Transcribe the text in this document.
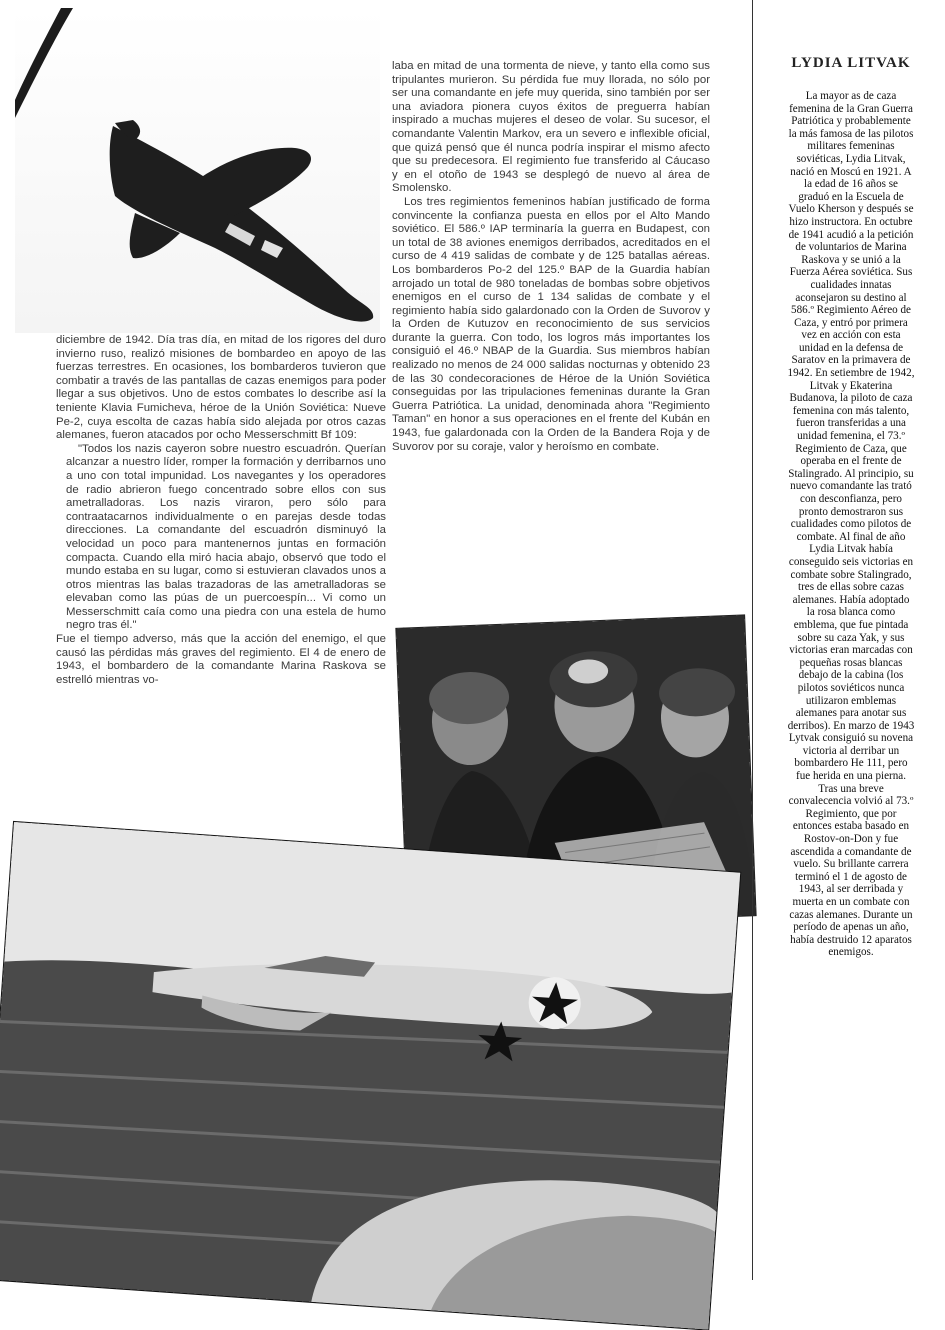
diciembre de 1942. Día tras día, en mitad de los rigores del duro invierno ruso, realizó misiones de bombardeo en apoyo de las fuerzas terrestres. En ocasiones, los bombarderos tuvieron que combatir a través de las pantallas de cazas enemigos para poder llegar a sus objetivos. Uno de estos combates lo describe así la teniente Klavia Fumicheva, héroe de la Unión Soviética: Nueve Pe-2, cuya escolta de cazas había sido alejada por otros cazas alemanes, fueron atacados por ocho Messerschmitt Bf 109:

"Todos los nazis cayeron sobre nuestro escuadrón. Querían alcanzar a nuestro líder, romper la formación y derribarnos uno a uno con total impunidad. Los navegantes y los operadores de radio abrieron fuego concentrado sobre ellos con sus ametralladoras. Los nazis viraron, pero sólo para contraatacarnos individualmente o en parejas desde todas direcciones. La comandante del escuadrón disminuyó la velocidad un poco para mantenernos juntas en formación compacta. Cuando ella miró hacia abajo, observó que todo el mundo estaba en su lugar, como si estuvieran clavados unos a otros mientras las balas trazadoras de las ametralladoras se elevaban como las púas de un puercoespín... Vi como un Messerschmitt caía como una piedra con una estela de humo negro tras él."

Fue el tiempo adverso, más que la acción del enemigo, el que causó las pérdidas más graves del regimiento. El 4 de enero de 1943, el bombardero de la comandante Marina Raskova se estrelló mientras vo-

laba en mitad de una tormenta de nieve, y tanto ella como sus tripulantes murieron. Su pérdida fue muy llorada, no sólo por ser una comandante en jefe muy querida, sino también por ser una aviadora pionera cuyos éxitos de preguerra habían inspirado a muchas mujeres el deseo de volar. Su sucesor, el comandante Valentin Markov, era un severo e inflexible oficial, que quizá pensó que él nunca podría inspirar el mismo afecto que su predecesora. El regimiento fue transferido al Cáucaso y en el otoño de 1943 se desplegó de nuevo al área de Smolensko.

Los tres regimientos femeninos habían justificado de forma convincente la confianza puesta en ellos por el Alto Mando soviético. El 586.º IAP terminaría la guerra en Budapest, con un total de 38 aviones enemigos derribados, acreditados en el curso de 4 419 salidas de combate y de 125 batallas aéreas. Los bombarderos Po-2 del 125.º BAP de la Guardia habían arrojado un total de 980 toneladas de bombas sobre objetivos enemigos en el curso de 1 134 salidas de combate y el regimiento había sido galardonado con la Orden de Suvorov y la Orden de Kutuzov en reconocimiento de sus servicios durante la guerra. Con todo, los logros más importantes los consiguió el 46.º NBAP de la Guardia. Sus miembros habían realizado no menos de 24 000 salidas nocturnas y obtenido 23 de las 30 condecoraciones de Héroe de la Unión Soviética conseguidas por las tripulaciones femeninas durante la Gran Guerra Patriótica. La unidad, denominada ahora "Regimiento Taman" en honor a sus operaciones en el frente del Kubán en 1943, fue galardonada con la Orden de la Bandera Roja y de Suvorov por su coraje, valor y heroísmo en combate.

LYDIA LITVAK

La mayor as de caza
femenina de la Gran Guerra
Patriótica y probablemente
la más famosa de las pilotos
militares femeninas
soviéticas, Lydia Litvak,
nació en Moscú en 1921. A
la edad de 16 años se
graduó en la Escuela de
Vuelo Kherson y después se
hizo instructora. En octubre
de 1941 acudió a la petición
de voluntarios de Marina
Raskova y se unió a la
Fuerza Aérea soviética. Sus
cualidades innatas
aconsejaron su destino al
586.º Regimiento Aéreo de
Caza, y entró por primera
vez en acción con esta
unidad en la defensa de
Saratov en la primavera de
1942. En setiembre de 1942,
Litvak y Ekaterina
Budanova, la piloto de caza
femenina con más talento,
fueron transferidas a una
unidad femenina, el 73.º
Regimiento de Caza, que
operaba en el frente de
Stalingrado. Al principio, su
nuevo comandante las trató
con desconfianza, pero
pronto demostraron sus
cualidades como pilotos de
combate. Al final de año
Lydia Litvak había
conseguido seis victorias en
combate sobre Stalingrado,
tres de ellas sobre cazas
alemanes. Había adoptado
la rosa blanca como
emblema, que fue pintada
sobre su caza Yak, y sus
victorias eran marcadas con
pequeñas rosas blancas
debajo de la cabina (los
pilotos soviéticos nunca
utilizaron emblemas
alemanes para anotar sus
derribos). En marzo de 1943
Lytvak consiguió su novena
victoria al derribar un
bombardero He 111, pero
fue herida en una pierna.
Tras una breve
convalecencia volvió al 73.º
Regimiento, que por
entonces estaba basado en
Rostov-on-Don y fue
ascendida a comandante de
vuelo. Su brillante carrera
terminó el 1 de agosto de
1943, al ser derribada y
muerta en un combate con
cazas alemanes. Durante un
período de apenas un año,
había destruido 12 aparatos
enemigos.
